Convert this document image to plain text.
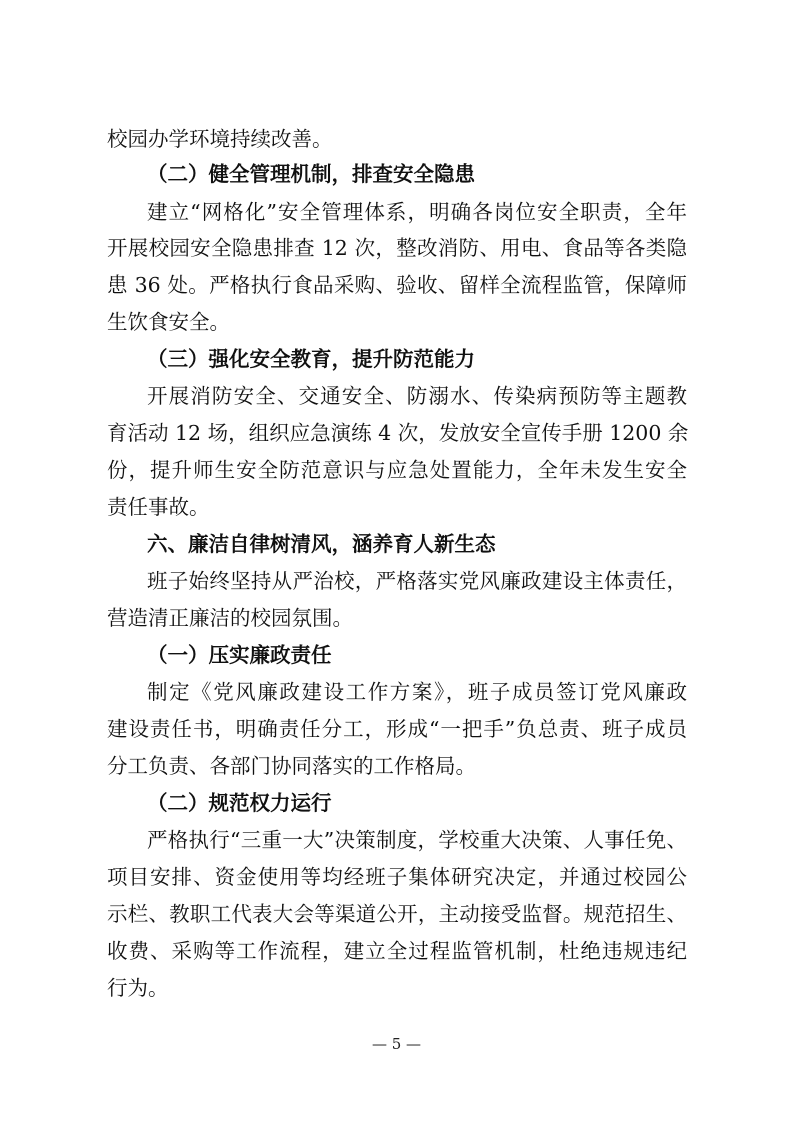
校园办学环境持续改善。
（二）健全管理机制，排查安全隐患
建立“网格化”安全管理体系，明确各岗位安全职责，全年
开展校园安全隐患排查 12 次，整改消防、用电、食品等各类隐
患 36 处。严格执行食品采购、验收、留样全流程监管，保障师
生饮食安全。
（三）强化安全教育，提升防范能力
开展消防安全、交通安全、防溺水、传染病预防等主题教
育活动 12 场，组织应急演练 4 次，发放安全宣传手册 1200 余
份，提升师生安全防范意识与应急处置能力，全年未发生安全
责任事故。
六、廉洁自律树清风，涵养育人新生态
班子始终坚持从严治校，严格落实党风廉政建设主体责任，
营造清正廉洁的校园氛围。
（一）压实廉政责任
制定《党风廉政建设工作方案》，班子成员签订党风廉政
建设责任书，明确责任分工，形成“一把手”负总责、班子成员
分工负责、各部门协同落实的工作格局。
（二）规范权力运行
严格执行“三重一大”决策制度，学校重大决策、人事任免、
项目安排、资金使用等均经班子集体研究决定，并通过校园公
示栏、教职工代表大会等渠道公开，主动接受监督。规范招生、
收费、采购等工作流程，建立全过程监管机制，杜绝违规违纪
行为。
— 5 —
